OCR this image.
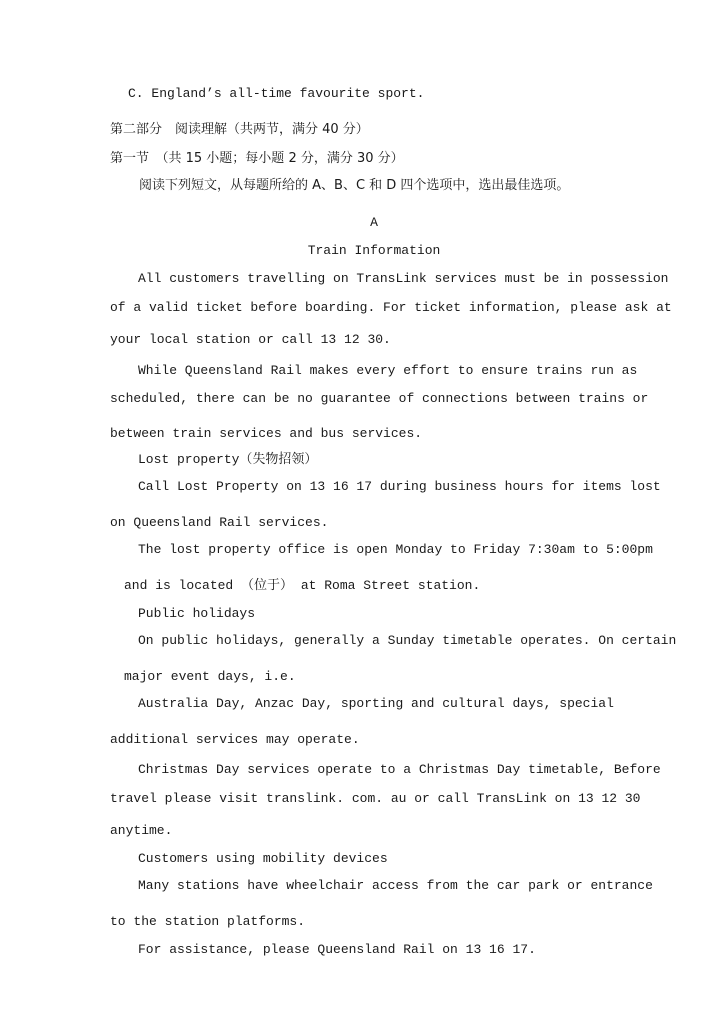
C. England’s all-time favourite sport.
第二部分　阅读理解（共两节，满分 40 分）
第一节　（共 15 小题；每小题 2 分，满分 30 分）
阅读下列短文，从每题所给的 A、B、C 和 D 四个选项中，选出最佳选项。
A
Train Information
All customers travelling on TransLink services must be in possession
of a valid ticket before boarding. For ticket information, please ask at
your local station or call 13 12 30.
While Queensland Rail makes every effort to ensure trains run as
scheduled, there can be no guarantee of connections between trains or
between train services and bus services.
Lost property（失物招领）
Call Lost Property on 13 16 17 during business hours for items lost
on Queensland Rail services.
The lost property office is open Monday to Friday 7:30am to 5:00pm
and is located （位于） at Roma Street station.
Public holidays
On public holidays, generally a Sunday timetable operates. On certain
major event days, i.e.
Australia Day, Anzac Day, sporting and cultural days, special
additional services may operate.
Christmas Day services operate to a Christmas Day timetable, Before
travel please visit translink. com. au or call TransLink on 13 12 30
anytime.
Customers using mobility devices
Many stations have wheelchair access from the car park or entrance
to the station platforms.
For assistance, please Queensland Rail on 13 16 17.
